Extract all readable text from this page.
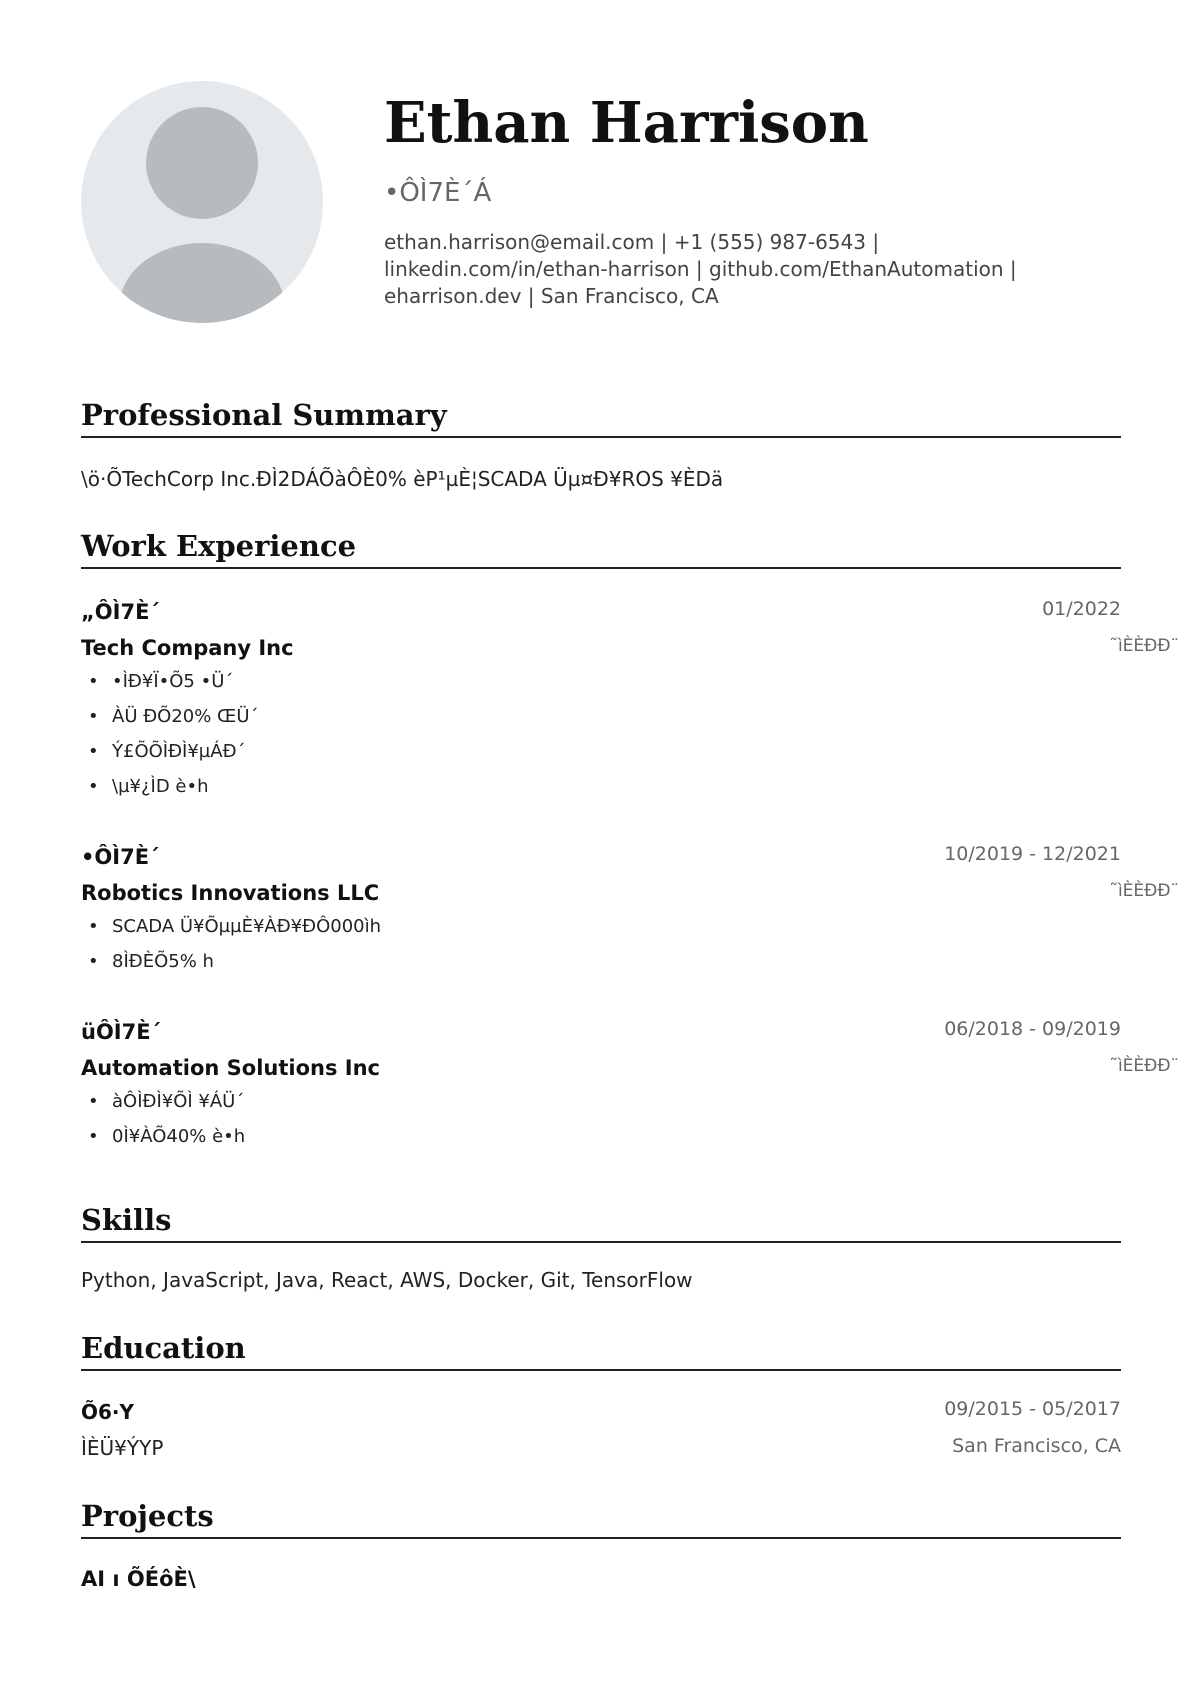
Ethan Harrison
•ÔÌ7È´Á
ethan.harrison@email.com | +1 (555) 987-6543 |
linkedin.com/in/ethan-harrison | github.com/EthanAutomation |
eharrison.dev | San Francisco, CA
Professional Summary
\ö·ÕTechCorp Inc.ÐÌ2DÁÕàÔÈ0% èP¹µÈ¦SCADA Üµ¤Ð¥ROS ¥ÈDä
Work Experience
„ÔÌ7È´	01/2022
Tech Company Inc	˜ìÈÈÐÐ¨
• •ÌÐ¥Ï•Õ5 •Ü´
• ÀÜ ÐÕ20% ŒÜ´
• Ý£ÕÕÌÐÌ¥µÁÐ´
• \µ¥¿ÌD è•h
•ÔÌ7È´	10/2019 - 12/2021
Robotics Innovations LLC	˜ìÈÈÐÐ¨
• SCADA Ü¥ÕµµÈ¥ÀÐ¥ÐÔ000ìh
• 8ÌÐÈÕ5% h
üÔÌ7È´	06/2018 - 09/2019
Automation Solutions Inc	˜ìÈÈÐÐ¨
• àÔÌÐÌ¥ÕÌ ¥ÁÜ´
• 0Ì¥ÀÕ40% è•h
Skills
Python, JavaScript, Java, React, AWS, Docker, Git, TensorFlow
Education
Õ6·Y	09/2015 - 05/2017
ÌÈÜ¥ÝYP	San Francisco, CA
Projects
AI ı ÕÉôÈ\
